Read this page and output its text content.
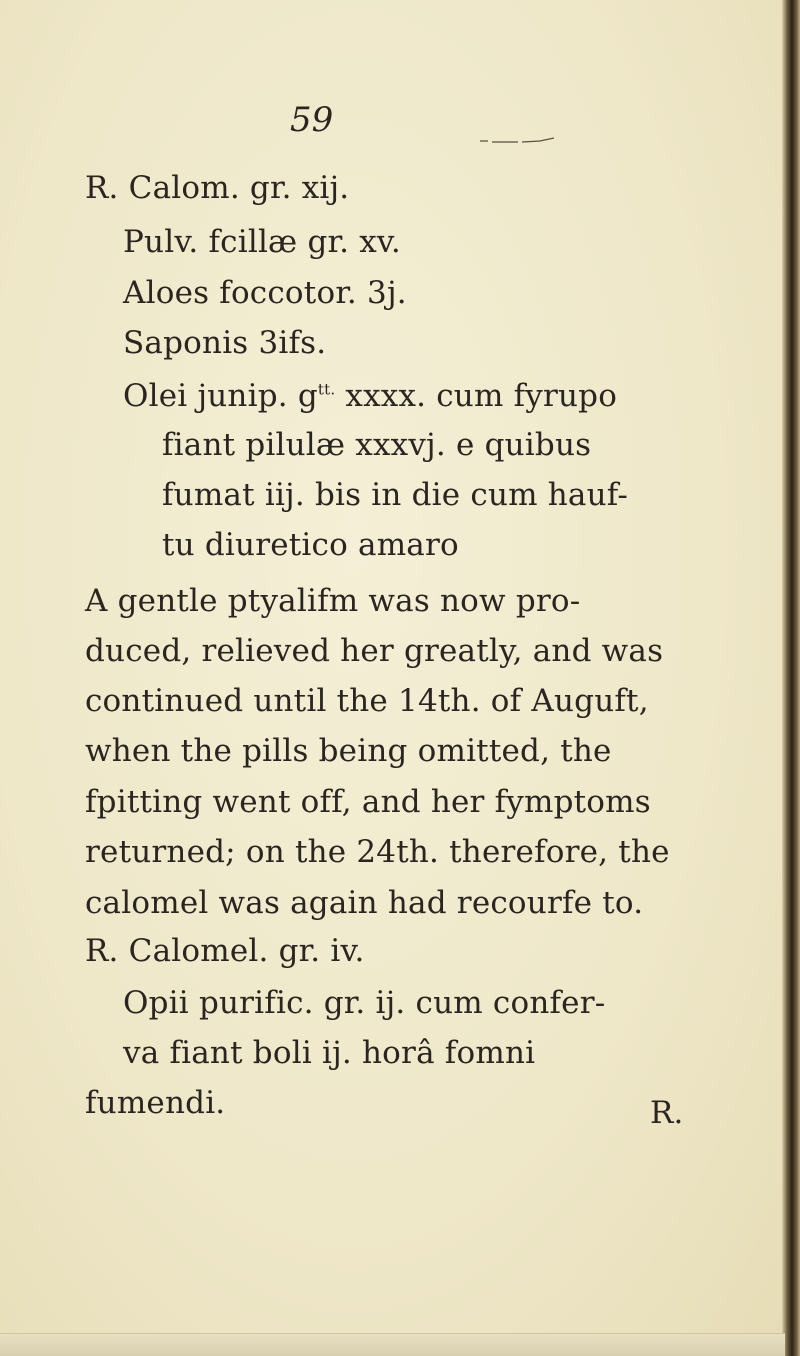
59
R. Calom. gr. xij.
Pulv. fcillæ gr. xv.
Aloes foccotor. 3j.
Saponis 3ifs.
Olei junip. $g^{tt.}$ xxxx. cum fyrupo
fiant pilulæ xxxvj. e quibus
fumat iij. bis in die cum hauf-
tu diuretico amaro
A gentle ptyalifm was now pro-
duced, relieved her greatly, and was
continued until the 14th. of Auguft,
when the pills being omitted, the
fpitting went off, and her fymptoms
returned; on the 24th. therefore, the
calomel was again had recourfe to.
R. Calomel. gr. iv.
Opii purific. gr. ij. cum confer-
va fiant boli ij. horâ fomni
fumendi.	R.
